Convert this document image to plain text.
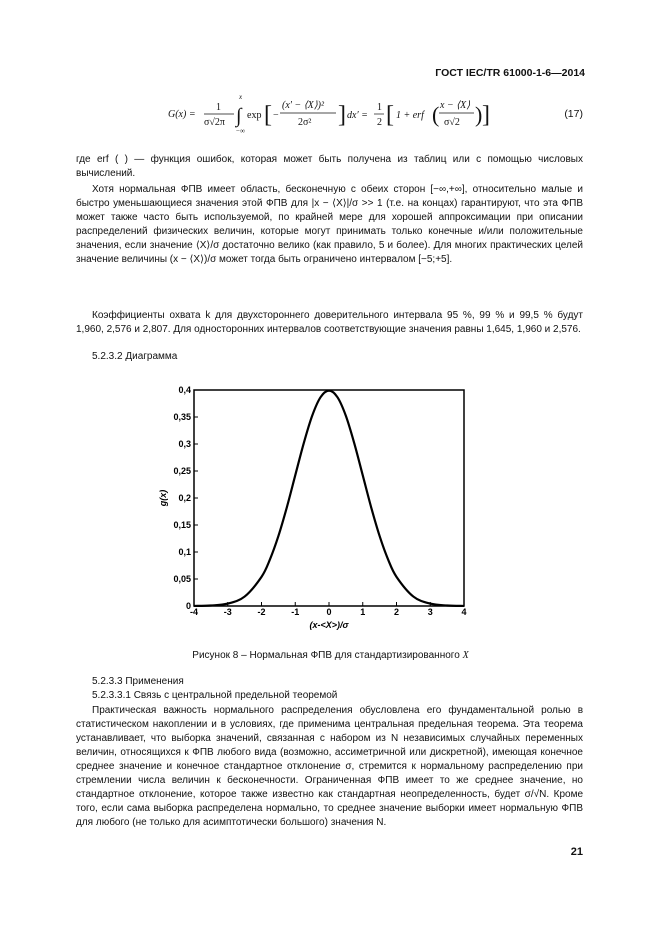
ГОСТ IEC/TR 61000-1-6—2014
G(x) =
1
σ√2π
x
∫
−∞
exp [ −
(x′ − ⟨X⟩)²
2σ² ] dx′ =
1
2 [ 1 + erf ( x − ⟨X⟩
σ√2 ) ]	(17)
где erf ( ) — функция ошибок, которая может быть получена из таблиц или с помощью числовых вычислений.
Хотя нормальная ФПВ имеет область, бесконечную с обеих сторон [−∞,+∞], относительно малые и быстро уменьшающиеся значения этой ФПВ для |x − ⟨X⟩|/σ >> 1 (т.е. на концах) гарантируют, что эта ФПВ может также часто быть используемой, по крайней мере для хорошей аппроксимации при описании распределений физических величин, которые могут принимать только конечные и/или положительные значения, если значение ⟨X⟩/σ достаточно велико (как правило, 5 и более). Для многих практических целей значение величины (x − ⟨X⟩)/σ может тогда быть ограничено интервалом [−5;+5].
Коэффициенты охвата k для двухстороннего доверительного интервала 95 %, 99 % и 99,5 % будут 1,960, 2,576 и 2,807. Для односторонних интервалов соответствующие значения равны 1,645, 1,960 и 2,576.
5.2.3.2 Диаграмма
0
0,05
0,1
0,15
0,2
0,25
0,3
0,35
0,4
-4	-3	-2	-1	0	1	2	3	4
g(x)
(x-<X>)/σ
Рисунок 8 – Нормальная ФПВ для стандартизированного X
5.2.3.3 Применения
5.2.3.3.1 Связь с центральной предельной теоремой
Практическая важность нормального распределения обусловлена его фундаментальной ролью в статистическом накоплении и в условиях, где применима центральная предельная теорема. Эта теорема устанавливает, что выборка значений, связанная с набором из N независимых случайных переменных величин, относящихся к ФПВ любого вида (возможно, ассиметричной или дискретной), имеющая конечное среднее значение и конечное стандартное отклонение σ, стремится к нормальному распределению при стремлении числа величин к бесконечности. Ограниченная ФПВ имеет то же среднее значение, но стандартное отклонение, которое также известно как стандартная неопределенность, будет σ/√N. Кроме того, если сама выборка распределена нормально, то среднее значение выборки имеет нормальную ФПВ для любого (не только для асимптотически большого) значения N.
21
